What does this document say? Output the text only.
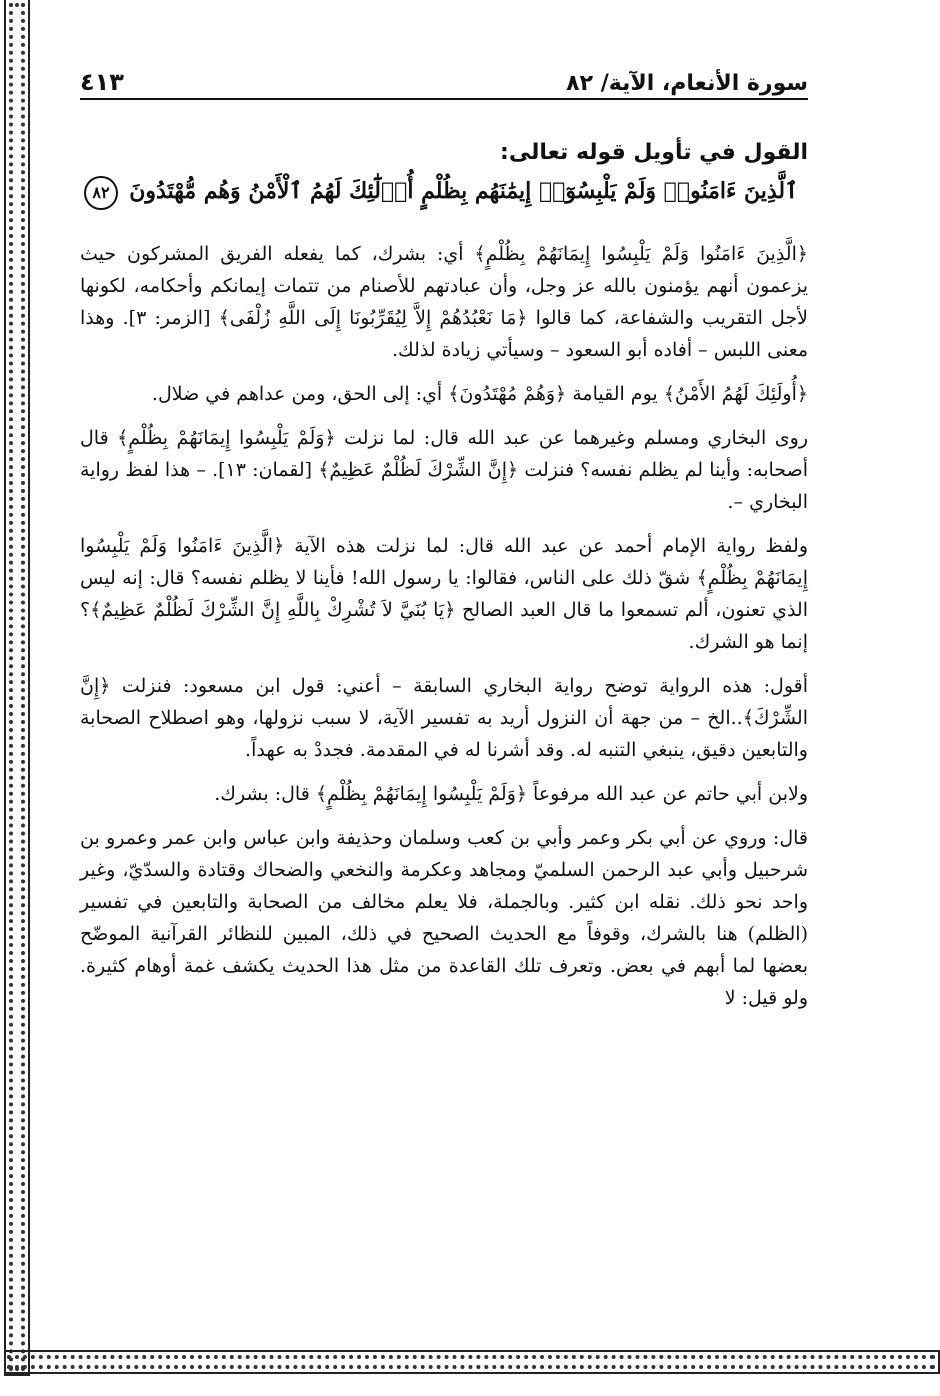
سورة الأنعام، الآية/ ٨٢
٤١٣
القول في تأويل قوله تعالى:
ٱلَّذِينَ ءَامَنُوا۟ وَلَمْ يَلْبِسُوٓا۟ إِيمَٰنَهُم بِظُلْمٍ أُو۟لَٰٓئِكَ لَهُمُ ٱلْأَمْنُ وَهُم مُّهْتَدُونَ ٨٢

﴿الَّذِينَ ءَامَنُوا وَلَمْ يَلْبِسُوا إِيمَانَهُمْ بِظُلْمٍ﴾ أي: بشرك، كما يفعله الفريق المشركون حيث يزعمون أنهم يؤمنون بالله عز وجل، وأن عبادتهم للأصنام من تتمات إيمانكم وأحكامه، لكونها لأجل التقريب والشفاعة، كما قالوا ﴿مَا نَعْبُدُهُمْ إِلاَّ لِيُقَرِّبُونَا إِلَى اللَّهِ زُلْفَى﴾ [الزمر: ٣]. وهذا معنى اللبس – أفاده أبو السعود – وسيأتي زيادة لذلك.

﴿أُولَئِكَ لَهُمُ الأَمْنُ﴾ يوم القيامة ﴿وَهُمْ مُهْتَدُونَ﴾ أي: إلى الحق، ومن عداهم في ضلال.

روى البخاري ومسلم وغيرهما عن عبد الله قال: لما نزلت ﴿وَلَمْ يَلْبِسُوا إِيمَانَهُمْ بِظُلْمٍ﴾ قال أصحابه: وأينا لم يظلم نفسه؟ فنزلت ﴿إِنَّ الشِّرْكَ لَظُلْمٌ عَظِيمٌ﴾ [لقمان: ١٣]. – هذا لفظ رواية البخاري –.

ولفظ رواية الإمام أحمد عن عبد الله قال: لما نزلت هذه الآية ﴿الَّذِينَ ءَامَنُوا وَلَمْ يَلْبِسُوا إِيمَانَهُمْ بِظُلْمٍ﴾ شقّ ذلك على الناس، فقالوا: يا رسول الله! فأينا لا يظلم نفسه؟ قال: إنه ليس الذي تعنون، ألم تسمعوا ما قال العبد الصالح ﴿يَا بُنَيَّ لاَ تُشْرِكْ بِاللَّهِ إِنَّ الشِّرْكَ لَظُلْمٌ عَظِيمٌ﴾؟ إنما هو الشرك.

أقول: هذه الرواية توضح رواية البخاري السابقة – أعني: قول ابن مسعود: فنزلت ﴿إِنَّ الشِّرْكَ﴾..الخ – من جهة أن النزول أريد به تفسير الآية، لا سبب نزولها، وهو اصطلاح الصحابة والتابعين دقيق، ينبغي التنبه له. وقد أشرنا له في المقدمة. فجددْ به عهداً.

ولابن أبي حاتم عن عبد الله مرفوعاً ﴿وَلَمْ يَلْبِسُوا إِيمَانَهُمْ بِظُلْمٍ﴾ قال: بشرك.

قال: وروي عن أبي بكر وعمر وأبي بن كعب وسلمان وحذيفة وابن عباس وابن عمر وعمرو بن شرحبيل وأبي عبد الرحمن السلميّ ومجاهد وعكرمة والنخعي والضحاك وقتادة والسدّيّ، وغير واحد نحو ذلك. نقله ابن كثير. وبالجملة، فلا يعلم مخالف من الصحابة والتابعين في تفسير (الظلم) هنا بالشرك، وقوفاً مع الحديث الصحيح في ذلك، المبين للنظائر القرآنية الموضّح بعضها لما أبهم في بعض. وتعرف تلك القاعدة من مثل هذا الحديث يكشف غمة أوهام كثيرة. ولو قيل: لا
